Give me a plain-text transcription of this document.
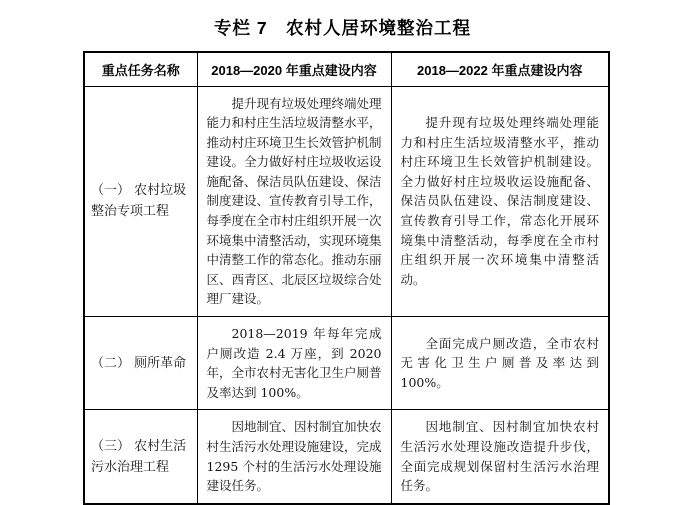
专栏 7　农村人居环境整治工程
重点任务名称	2018—2020 年重点建设内容	2018—2022 年重点建设内容
（一） 农村垃圾整治专项工程	提升现有垃圾处理终端处理能力和村庄生活垃圾清整水平，推动村庄环境卫生长效管护机制建设。全力做好村庄垃圾收运设施配备、保洁员队伍建设、保洁制度建设、宣传教育引导工作，每季度在全市村庄组织开展一次环境集中清整活动，实现环境集中清整工作的常态化。推动东丽区、西青区、北辰区垃圾综合处理厂建设。	提升现有垃圾处理终端处理能力和村庄生活垃圾清整水平，推动村庄环境卫生长效管护机制建设。全力做好村庄垃圾收运设施配备、保洁员队伍建设、保洁制度建设、宣传教育引导工作，常态化开展环境集中清整活动，每季度在全市村庄组织开展一次环境集中清整活动。

（二） 厕所革命	2018—2019 年每年完成户厕改造 2.4 万座，到 2020 年，全市农村无害化卫生户厕普及率达到 100%。	全面完成户厕改造，全市农村无害化卫生户厕普及率达到 100%。

（三） 农村生活污水治理工程	因地制宜、因村制宜加快农村生活污水处理设施建设，完成 1295 个村的生活污水处理设施建设任务。	因地制宜、因村制宜加快农村生活污水处理设施改造提升步伐，全面完成规划保留村生活污水治理任务。
